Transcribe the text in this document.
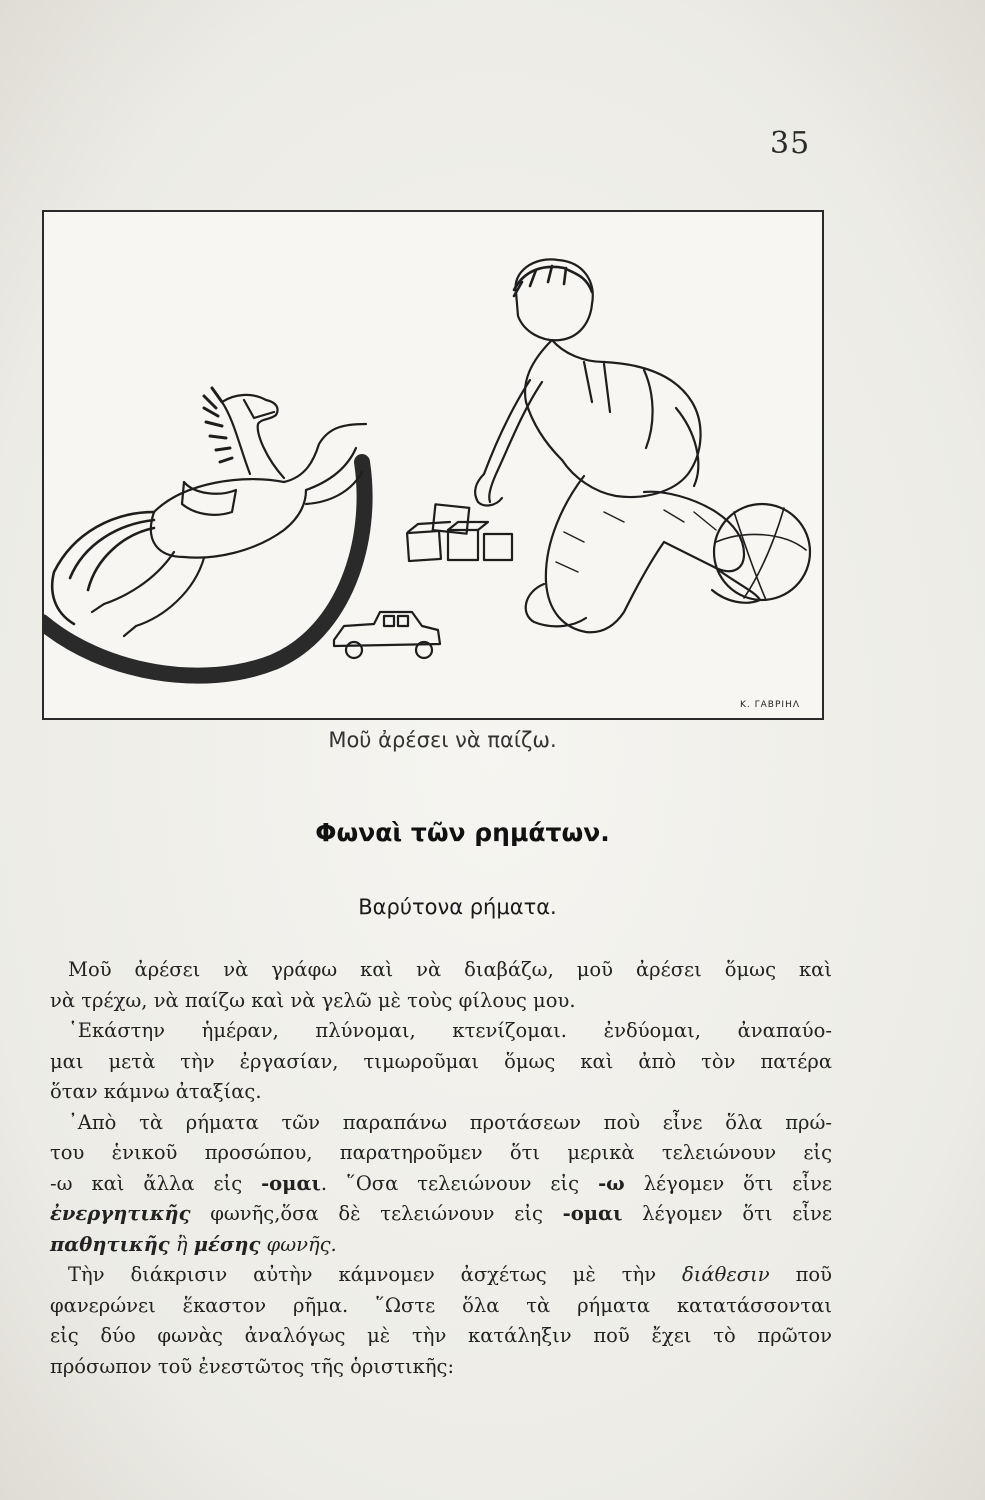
35
Κ. ΓΑΒΡΙΗΛ
Μοῦ ἀρέσει νὰ παίζω.
Φωναὶ τῶν ρημάτων.
Βαρύτονα ρήματα.
Μοῦ ἀρέσει νὰ γράφω καὶ νὰ διαβάζω, μοῦ ἀρέσει ὅμως καὶ
νὰ τρέχω, νὰ παίζω καὶ νὰ γελῶ μὲ τοὺς φίλους μου.
῾Εκάστην ἡμέραν, πλύνομαι, κτενίζομαι. ἐνδύομαι, ἀναπαύο-
μαι μετὰ τὴν ἐργασίαν, τιμωροῦμαι ὅμως καὶ ἀπὸ τὸν πατέρα
ὅταν κάμνω ἀταξίας.
᾿Απὸ τὰ ρήματα τῶν παραπάνω προτάσεων ποὺ εἶνε ὅλα πρώ-
του ἑνικοῦ προσώπου, παρατηροῦμεν ὅτι μερικὰ τελειώνουν εἰς
-ω καὶ ἄλλα εἰς -ομαι. ῞Οσα τελειώνουν εἰς -ω λέγομεν ὅτι εἶνε
ἐνεργητικῆς φωνῆς,ὅσα δὲ τελειώνουν εἰς -ομαι λέγομεν ὅτι εἶνε
παθητικῆς ἢ μέσης φωνῆς.
Τὴν διάκρισιν αὐτὴν κάμνομεν ἀσχέτως μὲ τὴν διάθεσιν ποῦ
φανερώνει ἕκαστον ρῆμα. ῞Ωστε ὅλα τὰ ρήματα κατατάσσονται
εἰς δύο φωνὰς ἀναλόγως μὲ τὴν κατάληξιν ποῦ ἔχει τὸ πρῶτον
πρόσωπον τοῦ ἐνεστῶτος τῆς ὁριστικῆς:
